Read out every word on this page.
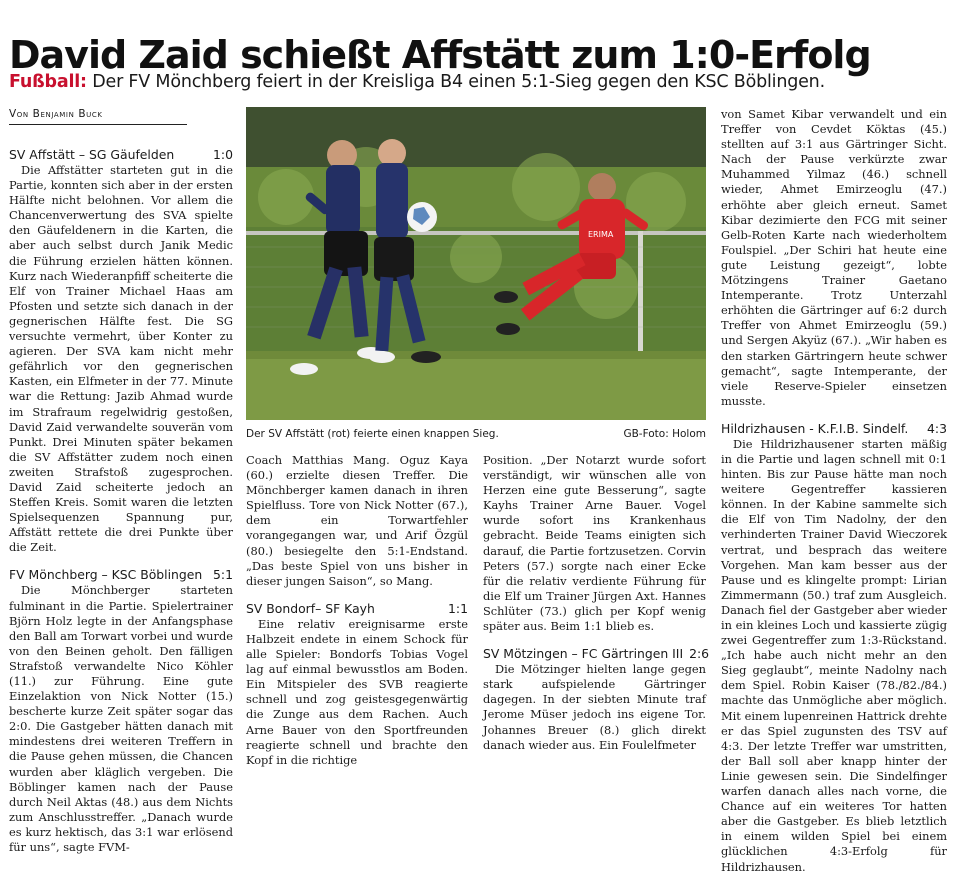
David Zaid schießt Affstätt zum 1:0-Erfolg
Fußball: Der FV Mönchberg feiert in der Kreisliga B4 einen 5:1-Sieg gegen den KSC Böblingen.
Von Benjamin Buck
SV Affstätt – SG Gäufelden	1:0

Die Affstätter starteten gut in die Partie, konnten sich aber in der ersten Hälfte nicht belohnen. Vor allem die Chancenverwertung des SVA spielte den Gäufeldenern in die Karten, die aber auch selbst durch Janik Medic die Führung erzielen hätten können. Kurz nach Wiederanpfiff scheiterte die Elf von Trainer Michael Haas am Pfosten und setzte sich danach in der gegnerischen Hälfte fest. Die SG versuchte vermehrt, über Konter zu agieren. Der SVA kam nicht mehr gefährlich vor den gegnerischen Kasten, ein Elfmeter in der 77. Minute war die Rettung: Jazib Ahmad wurde im Strafraum regelwidrig gestoßen, David Zaid verwandelte souverän vom Punkt. Drei Minuten später bekamen die SV Affstätter zudem noch einen zweiten Strafstoß zugesprochen. David Zaid scheiterte jedoch an Steffen Kreis. Somit waren die letzten Spielsequenzen Spannung pur, Affstätt rettete die drei Punkte über die Zeit.

FV Mönchberg – KSC Böblingen 5:1

Die Mönchberger starteten fulminant in die Partie. Spielertrainer Björn Holz legte in der Anfangsphase den Ball am Torwart vorbei und wurde von den Beinen geholt. Den fälligen Strafstoß verwandelte Nico Köhler (11.) zur Führung. Eine gute Einzelaktion von Nick Notter (15.) bescherte kurze Zeit später sogar das 2:0. Die Gastgeber hätten danach mit mindestens drei weiteren Treffern in die Pause gehen müssen, die Chancen wurden aber kläglich vergeben. Die Böblinger kamen nach der Pause durch Neil Aktas (48.) aus dem Nichts zum Anschlusstreffer. „Danach wurde es kurz hektisch, das 3:1 war erlösend für uns“, sagte FVM-

ERIMA
Der SV Affstätt (rot) feierte einen knappen Sieg.	GB-Foto: Holom

Coach Matthias Mang. Oguz Kaya (60.) erzielte diesen Treffer. Die Mönchberger kamen danach in ihren Spielfluss. Tore von Nick Notter (67.), dem ein Torwartfehler vorangegangen war, und Arif Özgül (80.) besiegelte den 5:1-Endstand. „Das beste Spiel von uns bisher in dieser jungen Saison“, so Mang.

SV Bondorf– SF Kayh	1:1

Eine relativ ereignisarme erste Halbzeit endete in einem Schock für alle Spieler: Bondorfs Tobias Vogel lag auf einmal bewusstlos am Boden. Ein Mitspieler des SVB reagierte schnell und zog geistesgegenwärtig die Zunge aus dem Rachen. Auch Arne Bauer von den Sportfreunden reagierte schnell und brachte den Kopf in die richtige

Position. „Der Notarzt wurde sofort verständigt, wir wünschen alle von Herzen eine gute Besserung“, sagte Kayhs Trainer Arne Bauer. Vogel wurde sofort ins Krankenhaus gebracht. Beide Teams einigten sich darauf, die Partie fortzusetzen. Corvin Peters (57.) sorgte nach einer Ecke für die relativ verdiente Führung für die Elf um Trainer Jürgen Axt. Hannes Schlüter (73.) glich per Kopf wenig später aus. Beim 1:1 blieb es.

SV Mötzingen – FC Gärtringen III 2:6

Die Mötzinger hielten lange gegen stark aufspielende Gärtringer dagegen. In der siebten Minute traf Jerome Müser jedoch ins eigene Tor. Johannes Breuer (8.) glich direkt danach wieder aus. Ein Foulelfmeter

von Samet Kibar verwandelt und ein Treffer von Cevdet Köktas (45.) stellten auf 3:1 aus Gärtringer Sicht. Nach der Pause verkürzte zwar Muhammed Yilmaz (46.) schnell wieder, Ahmet Emirzeoglu (47.) erhöhte aber gleich erneut. Samet Kibar dezimierte den FCG mit seiner Gelb-Roten Karte nach wiederholtem Foulspiel. „Der Schiri hat heute eine gute Leistung gezeigt“, lobte Mötzingens Trainer Gaetano Intemperante. Trotz Unterzahl erhöhten die Gärtringer auf 6:2 durch Treffer von Ahmet Emirzeoglu (59.) und Sergen Akyüz (67.). „Wir haben es den starken Gärtringern heute schwer gemacht“, sagte Intemperante, der viele Reserve-Spieler einsetzen musste.

Hildrizhausen - K.F.I.B. Sindelf. 4:3

Die Hildrizhausener starten mäßig in die Partie und lagen schnell mit 0:1 hinten. Bis zur Pause hätte man noch weitere Gegentreffer kassieren können. In der Kabine sammelte sich die Elf von Tim Nadolny, der den verhinderten Trainer David Wieczorek vertrat, und besprach das weitere Vorgehen. Man kam besser aus der Pause und es klingelte prompt: Lirian Zimmermann (50.) traf zum Ausgleich. Danach fiel der Gastgeber aber wieder in ein kleines Loch und kassierte zügig zwei Gegentreffer zum 1:3-Rückstand. „Ich habe auch nicht mehr an den Sieg geglaubt“, meinte Nadolny nach dem Spiel. Robin Kaiser (78./82./84.) machte das Unmögliche aber möglich. Mit einem lupenreinen Hattrick drehte er das Spiel zugunsten des TSV auf 4:3. Der letzte Treffer war umstritten, der Ball soll aber knapp hinter der Linie gewesen sein. Die Sindelfinger warfen danach alles nach vorne, die Chance auf ein weiteres Tor hatten aber die Gastgeber. Es blieb letztlich in einem wilden Spiel bei einem glücklichen 4:3-Erfolg für Hildrizhausen.
